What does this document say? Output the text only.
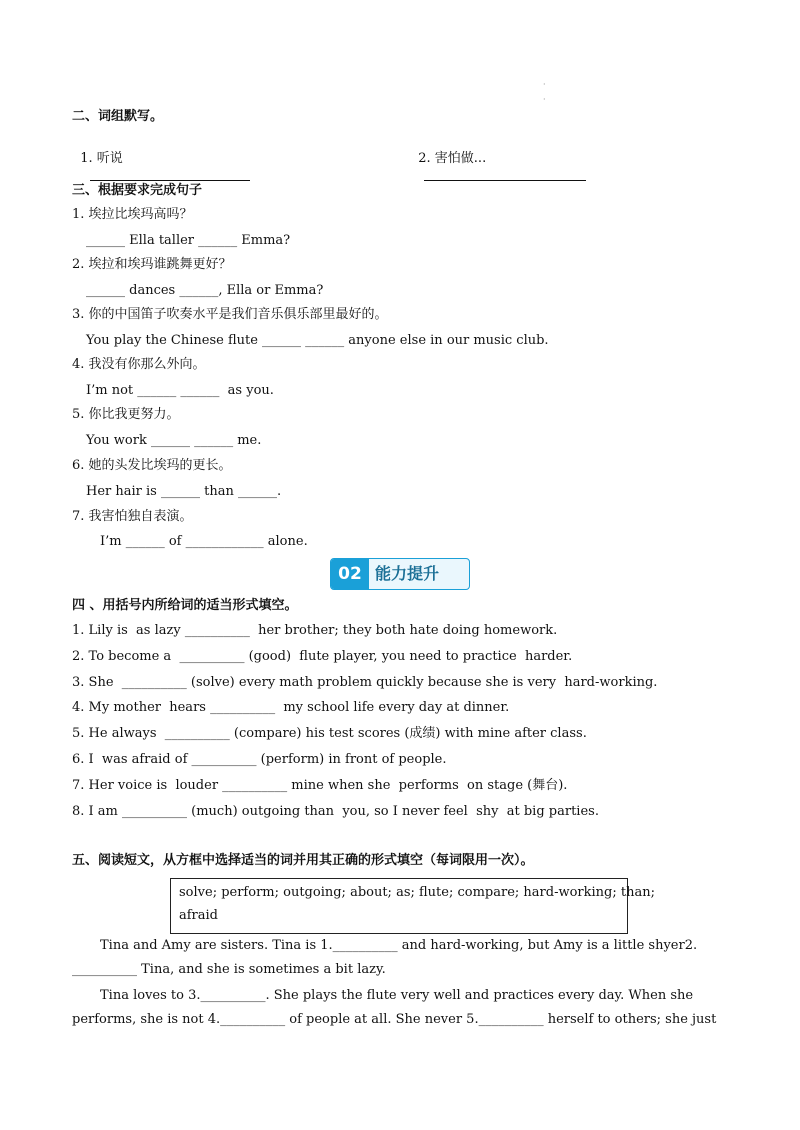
·
·
二、词组默写。

1. 听说
	2. 害怕做...

三、根据要求完成句子
1. 埃拉比埃玛高吗？
______ Ella taller ______ Emma?
2. 埃拉和埃玛谁跳舞更好？
______ dances ______, Ella or Emma?
3. 你的中国笛子吹奏水平是我们音乐俱乐部里最好的。
You play the Chinese flute ______ ______ anyone else in our music club.
4. 我没有你那么外向。
I’m not ______ ______  as you.
5. 你比我更努力。
You work ______ ______ me.
6. 她的头发比埃玛的更长。
Her hair is ______ than ______.
7. 我害怕独自表演。
I’m ______ of ____________ alone.
02 能力提升
四 、用括号内所给词的适当形式填空。
1. Lily is  as lazy __________  her brother; they both hate doing homework.
2. To become a  __________ (good)  flute player, you need to practice  harder.
3. She  __________ (solve) every math problem quickly because she is very  hard-working.
4. My mother  hears __________  my school life every day at dinner.
5. He always  __________ (compare) his test scores (成绩) with mine after class.
6. I  was afraid of __________ (perform) in front of people.
7. Her voice is  louder __________ mine when she  performs  on stage (舞台).
8. I am __________ (much) outgoing than  you, so I never feel  shy  at big parties.
五、阅读短文，从方框中选择适当的词并用其正确的形式填空（每词限用一次）。
solve; perform; outgoing; about; as; flute; compare; hard-working; than;
afraid
Tina and Amy are sisters. Tina is 1.__________ and hard-working, but Amy is a little shyer2.
__________ Tina, and she is sometimes a bit lazy.
Tina loves to 3.__________. She plays the flute very well and practices every day. When she
performs, she is not 4.__________ of people at all. She never 5.__________ herself to others; she just
